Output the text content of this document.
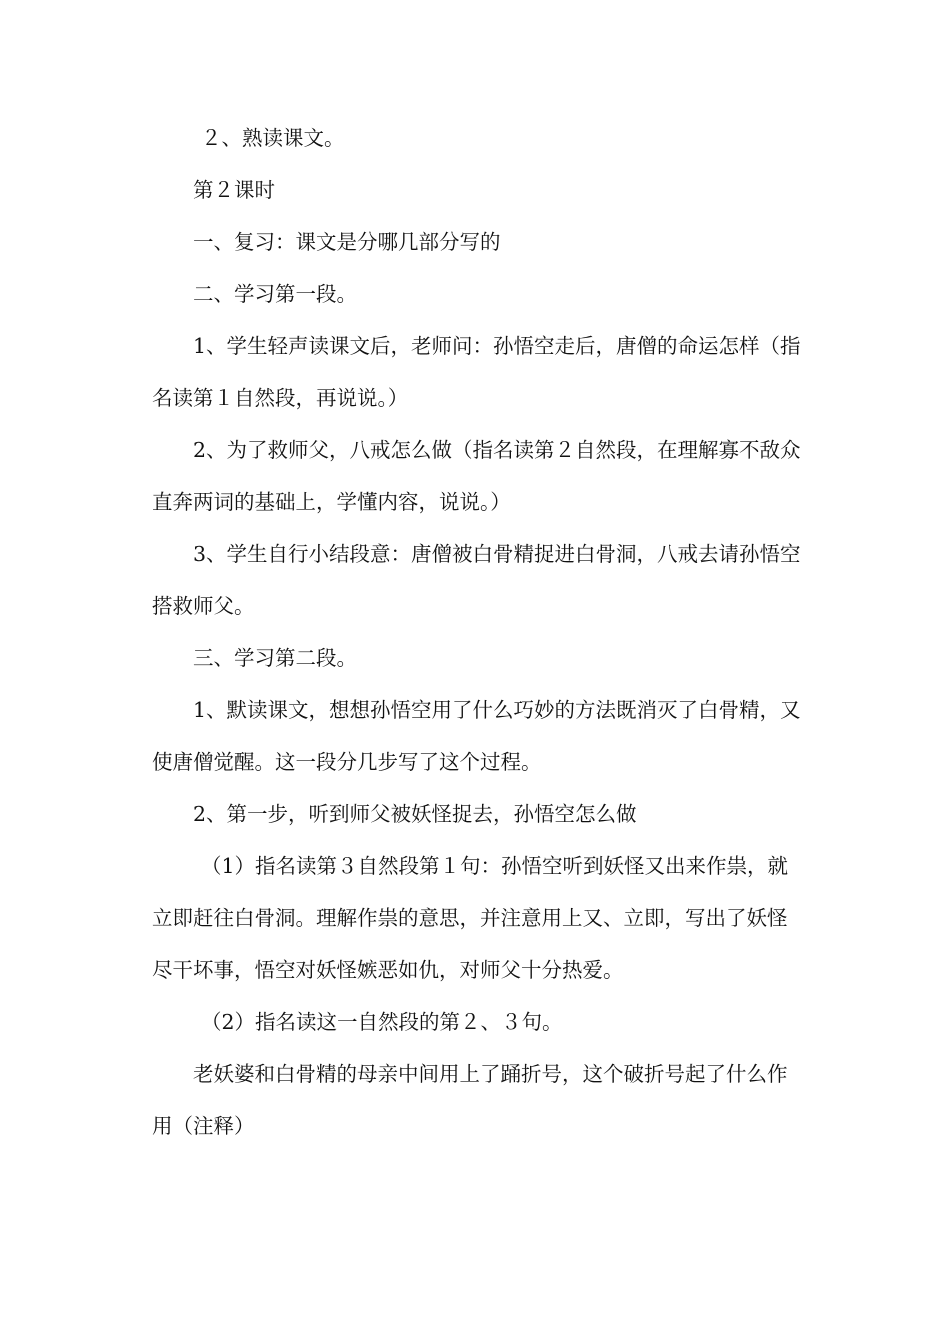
２、熟读课文。

第２课时

一、复习：课文是分哪几部分写的

二、学习第一段。

1、学生轻声读课文后，老师问：孙悟空走后，唐僧的命运怎样（指名读第１自然段，再说说。）

2、为了救师父，八戒怎么做（指名读第２自然段，在理解寡不敌众直奔两词的基础上，学懂内容，说说。）

3、学生自行小结段意：唐僧被白骨精捉进白骨洞，八戒去请孙悟空搭救师父。

三、学习第二段。

1、默读课文，想想孙悟空用了什么巧妙的方法既消灭了白骨精，又使唐僧觉醒。这一段分几步写了这个过程。

2、第一步，听到师父被妖怪捉去，孙悟空怎么做

（1）指名读第３自然段第１句：孙悟空听到妖怪又出来作祟，就立即赶往白骨洞。理解作祟的意思，并注意用上又、立即，写出了妖怪尽干坏事，悟空对妖怪嫉恶如仇，对师父十分热爱。

（2）指名读这一自然段的第２、３句。

老妖婆和白骨精的母亲中间用上了踊折号，这个破折号起了什么作用（注释）
